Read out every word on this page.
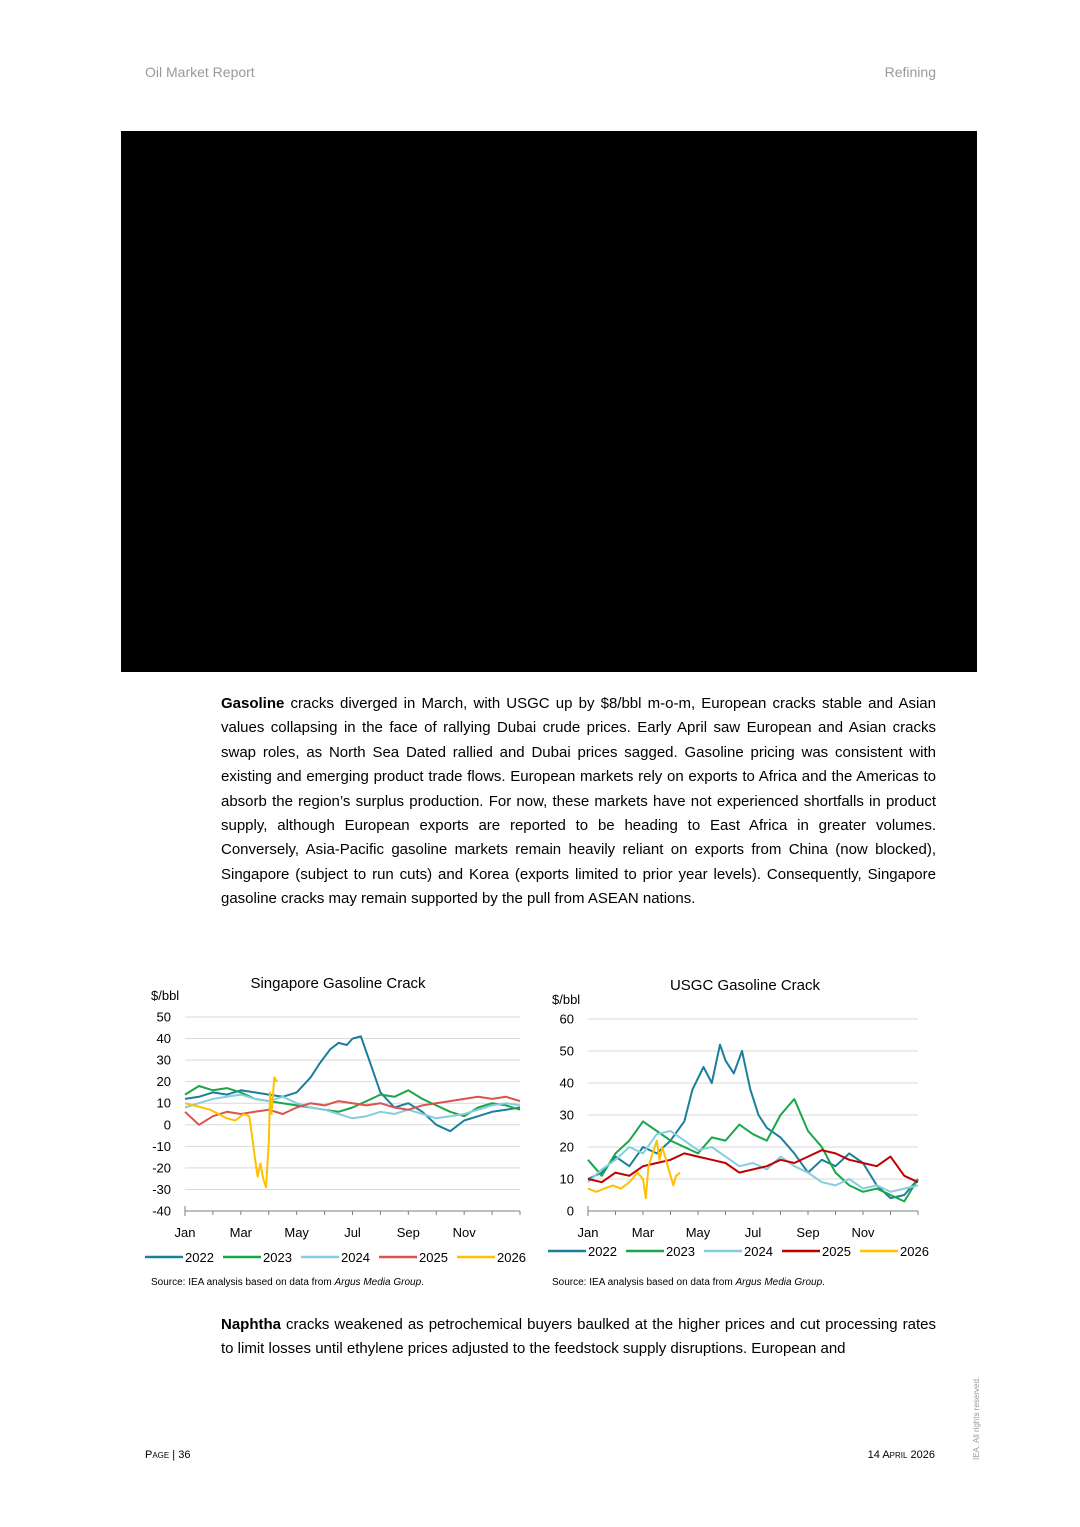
Oil Market Report	Refining

Gasoline cracks diverged in March, with USGC up by $8/bbl m-o-m, European cracks stable and Asian values collapsing in the face of rallying Dubai crude prices. Early April saw European and Asian cracks swap roles, as North Sea Dated rallied and Dubai prices sagged. Gasoline pricing was consistent with existing and emerging product trade flows. European markets rely on exports to Africa and the Americas to absorb the region’s surplus production. For now, these markets have not experienced shortfalls in product supply, although European exports are reported to be heading to East Africa in greater volumes. Conversely, Asia-Pacific gasoline markets remain heavily reliant on exports from China (now blocked), Singapore (subject to run cuts) and Korea (exports limited to prior year levels). Consequently, Singapore gasoline cracks may remain supported by the pull from ASEAN nations.

Singapore Gasoline Crack
$/bbl
50
40
30
20
10
0
-10
-20
-30
-40
Jan	Mar May	Jul	Sep	Nov
2022	2023	2024	2025	2026
Source: IEA analysis based on data from Argus Media Group.
USGC Gasoline Crack
$/bbl
60
50
40
30
20
10
0
Jan	Mar May	Jul	Sep Nov
2022	2023	2024	2025	2026
Source: IEA analysis based on data from Argus Media Group.

Naphtha cracks weakened as petrochemical buyers baulked at the higher prices and cut processing rates to limit losses until ethylene prices adjusted to the feedstock supply disruptions. European and

Page | 36	14 April 2026	IEA. All rights reserved.
